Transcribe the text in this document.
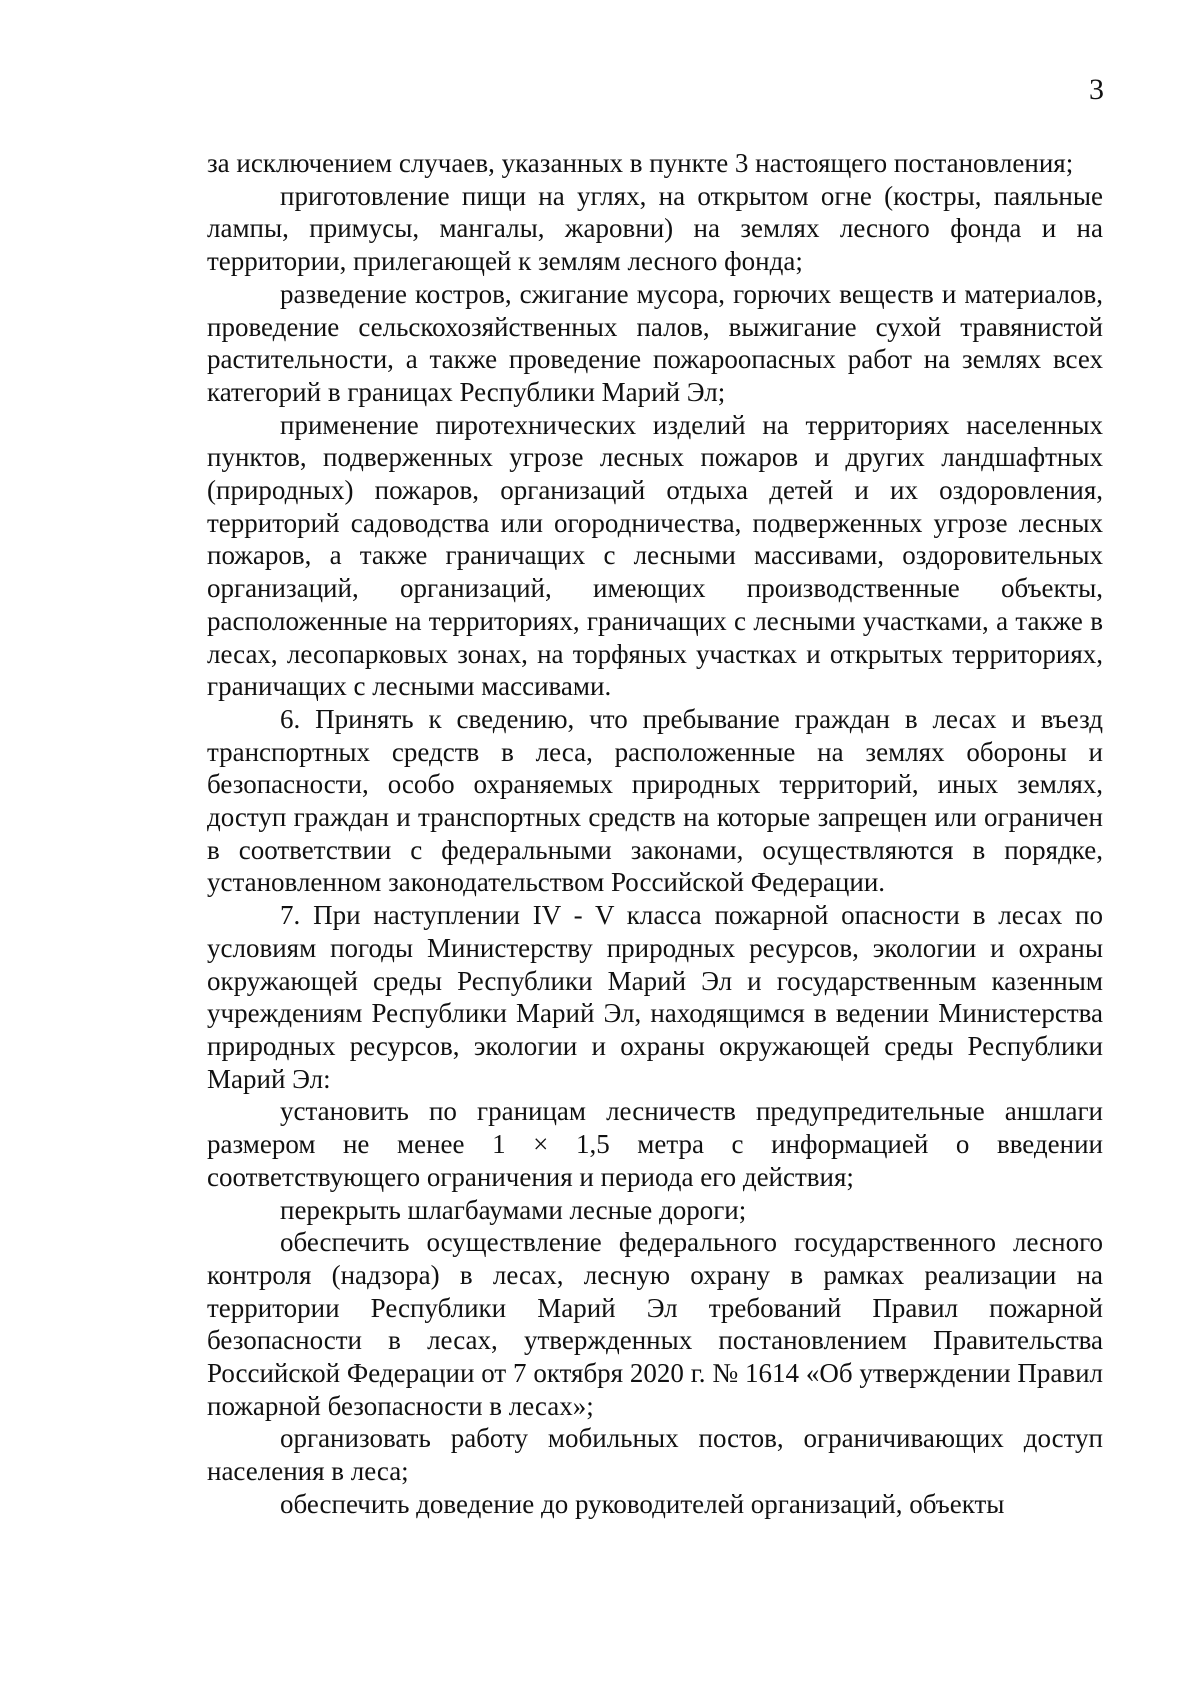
3

за исключением случаев, указанных в пункте 3 настоящего постановления;

приготовление пищи на углях, на открытом огне (костры, паяльные лампы, примусы, мангалы, жаровни) на землях лесного фонда и на территории, прилегающей к землям лесного фонда;

разведение костров, сжигание мусора, горючих веществ и материалов, проведение сельскохозяйственных палов, выжигание сухой травянистой растительности, а также проведение пожароопасных работ на землях всех категорий в границах Республики Марий Эл;

применение пиротехнических изделий на территориях населенных пунктов, подверженных угрозе лесных пожаров и других ландшафтных (природных) пожаров, организаций отдыха детей и их оздоровления, территорий садоводства или огородничества, подверженных угрозе лесных пожаров, а также граничащих с лесными массивами, оздоровительных организаций, организаций, имеющих производственные объекты, расположенные на территориях, граничащих с лесными участками, а также в лесах, лесопарковых зонах, на торфяных участках и открытых территориях, граничащих с лесными массивами.

6. Принять к сведению, что пребывание граждан в лесах и въезд транспортных средств в леса, расположенные на землях обороны и безопасности, особо охраняемых природных территорий, иных землях, доступ граждан и транспортных средств на которые запрещен или ограничен в соответствии с федеральными законами, осуществляются в порядке, установленном законодательством Российской Федерации.

7. При наступлении IV - V класса пожарной опасности в лесах по условиям погоды Министерству природных ресурсов, экологии и охраны окружающей среды Республики Марий Эл и государственным казенным учреждениям Республики Марий Эл, находящимся в ведении Министерства природных ресурсов, экологии и охраны окружающей среды Республики Марий Эл:

установить по границам лесничеств предупредительные аншлаги размером не менее 1 × 1,5 метра с информацией о введении соответствующего ограничения и периода его действия;

перекрыть шлагбаумами лесные дороги;

обеспечить осуществление федерального государственного лесного контроля (надзора) в лесах, лесную охрану в рамках реализации на территории Республики Марий Эл требований Правил пожарной безопасности в лесах, утвержденных постановлением Правительства Российской Федерации от 7 октября 2020 г. № 1614 «Об утверждении Правил пожарной безопасности в лесах»;

организовать работу мобильных постов, ограничивающих доступ населения в леса;

обеспечить доведение до руководителей организаций, объекты
